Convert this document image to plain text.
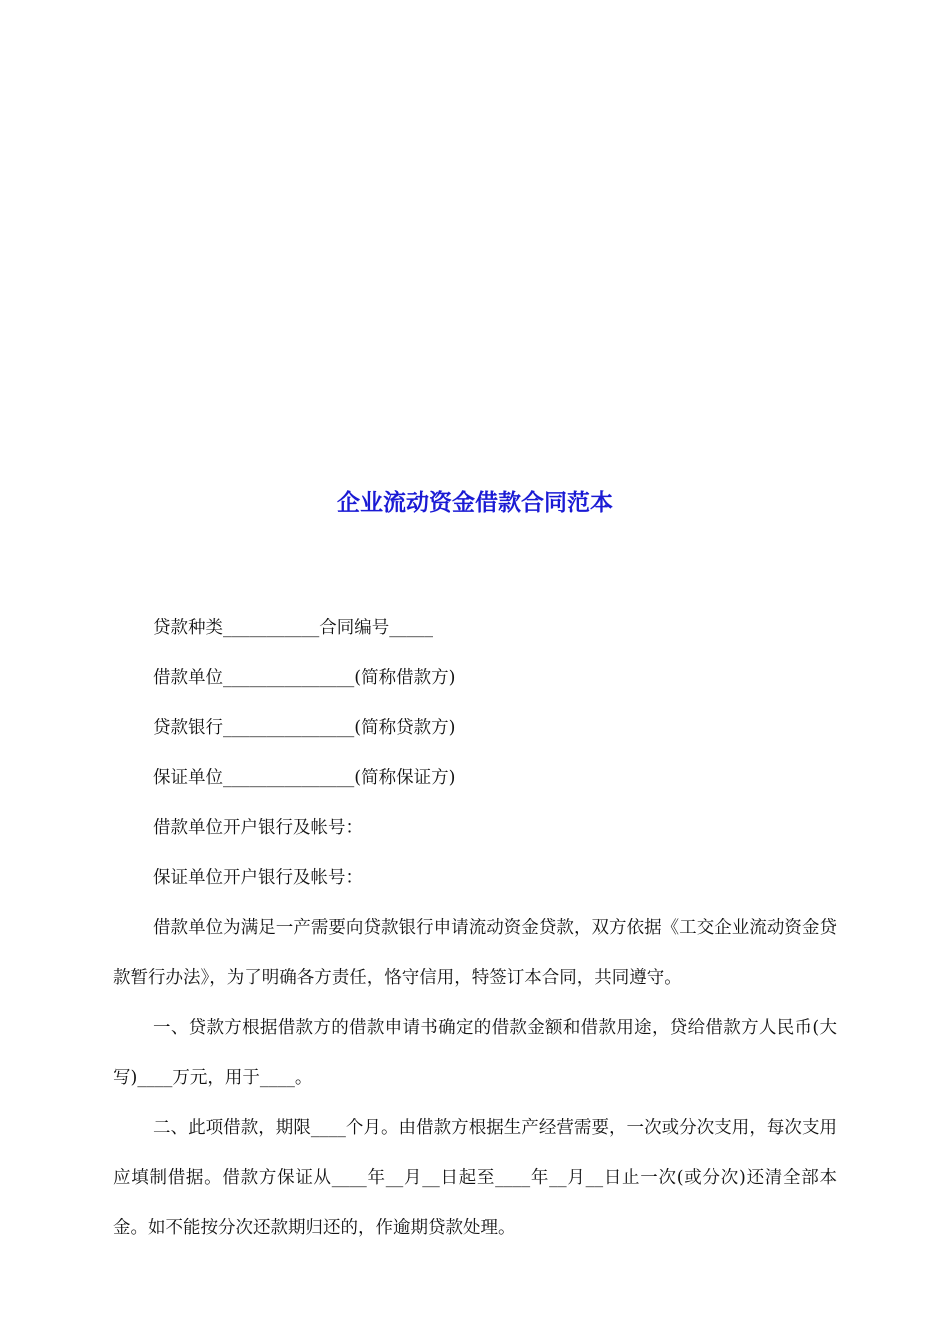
企业流动资金借款合同范本

贷款种类___________合同编号_____

借款单位_______________(简称借款方)

贷款银行_______________(简称贷款方)

保证单位_______________(简称保证方)

借款单位开户银行及帐号：

保证单位开户银行及帐号：

借款单位为满足一产需要向贷款银行申请流动资金贷款，双方依据《工交企业流动资金贷款暂行办法》，为了明确各方责任，恪守信用，特签订本合同，共同遵守。

一、贷款方根据借款方的借款申请书确定的借款金额和借款用途，贷给借款方人民币(大写)____万元，用于____。

二、此项借款，期限____个月。由借款方根据生产经营需要，一次或分次支用，每次支用应填制借据。借款方保证从____年__月__日起至____年__月__日止一次(或分次)还清全部本金。如不能按分次还款期归还的，作逾期贷款处理。
